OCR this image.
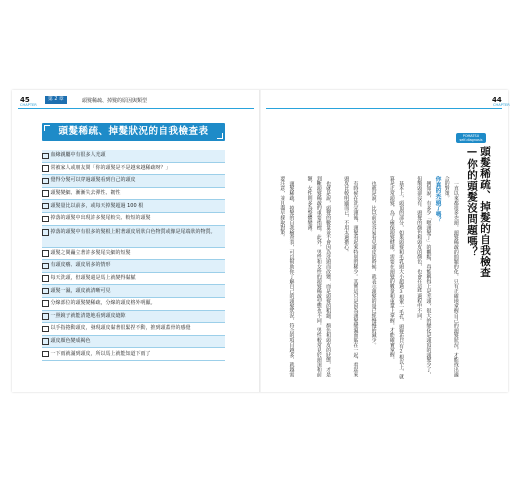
45
CHAPTER
第 2 章	頭髮稀疏、掉髮的原因與類型
頭髮稀疏、掉髮狀況的自我檢查表
血緣親屬中有很多人禿頭
常被家人或朋友問「你的頭髮是不是越來越稀疏呀？」
覺得分髮可以穿過頭髮看到自己的頭皮
頭髮變細、漸漸失去彈性、韌性
頭髮量比以前多，或每天掉髮超過 100 根
掉落的頭髮中出現許多髮尾較尖、較短的頭髮
掉落的頭髮中有很多的髮根上附著頭皮屑狀白色物質或像是尾端狀的物質。
頭髮之間矗立著許多髮尾尖細的短髮
有頭皮癢、頭皮屑多的情形
每天洗頭，但頭髮還是馬上就變得黏膩
頭髮一濕，頭皮就清晰可見
分線部位的頭髮變稀疏，分線的頭皮格外明顯。
一照鏡子就能清楚地看到頭皮縫隙
以手指捲動頭皮，發現頭皮黏著很緊捏不動，推到頭蓋骨的感覺
頭皮顏色變成褐色
一下雨就滿到頭皮，所以馬上就能知道下雨了
44
CHAPTER
POMATSU
self-diagnosis
頭髮稀疏、掉髮的自我檢查
—你的頭髮沒問題嗎？
你真的禿頭了嗎？	一直以來都很多禿頭，頭髮稀疏的問題的化，只有正確地掌握自己的頭髮狀況，才能找出適合的對策。

例如說，有多少「嗯頭髮了」的觀點，真能稱得上是禿頭，很大的變化是頭頂的頭髮少了，但額頭卻沒有。頭髮的顏色和頭皮的顏色，也會在這些過程中不同。

基本上，頭頂的部分，如果頭髮和毛乳頭大小超過3根單一毛孔，頭髮也只有2根以上，就算是正常頭髮。為了確保頭髮健康，需要在頭髮的數量和重量上掌握，才能確實掌握。

也就是說，比以前更容易看見頭皮的時候，就表示頭髮的量已經慢慢的減少。

有時候在洗完頭後，頭髮看起來特別的稀少。其實這只是因為頭髮變濕而貼在一起，看起來頭皮比較明顯而已，不用太過擔心。

也就是說，頭髮的數量並不會因為洗頭而改變，而是頭髮的粗細、顏色和頭皮的狀態，才是判斷頭髮稀疏的重要指標。此外，男性和女性的頭髮稀疏型態也不同，男性較常見於頭頂和前額，女性則多為整體變薄。

頭髮稀疏、掉髮的自我檢查表，可以幫助你了解自己的頭髮狀況，符合的項目越多，就越需要注意，並且盡早採取對策。
